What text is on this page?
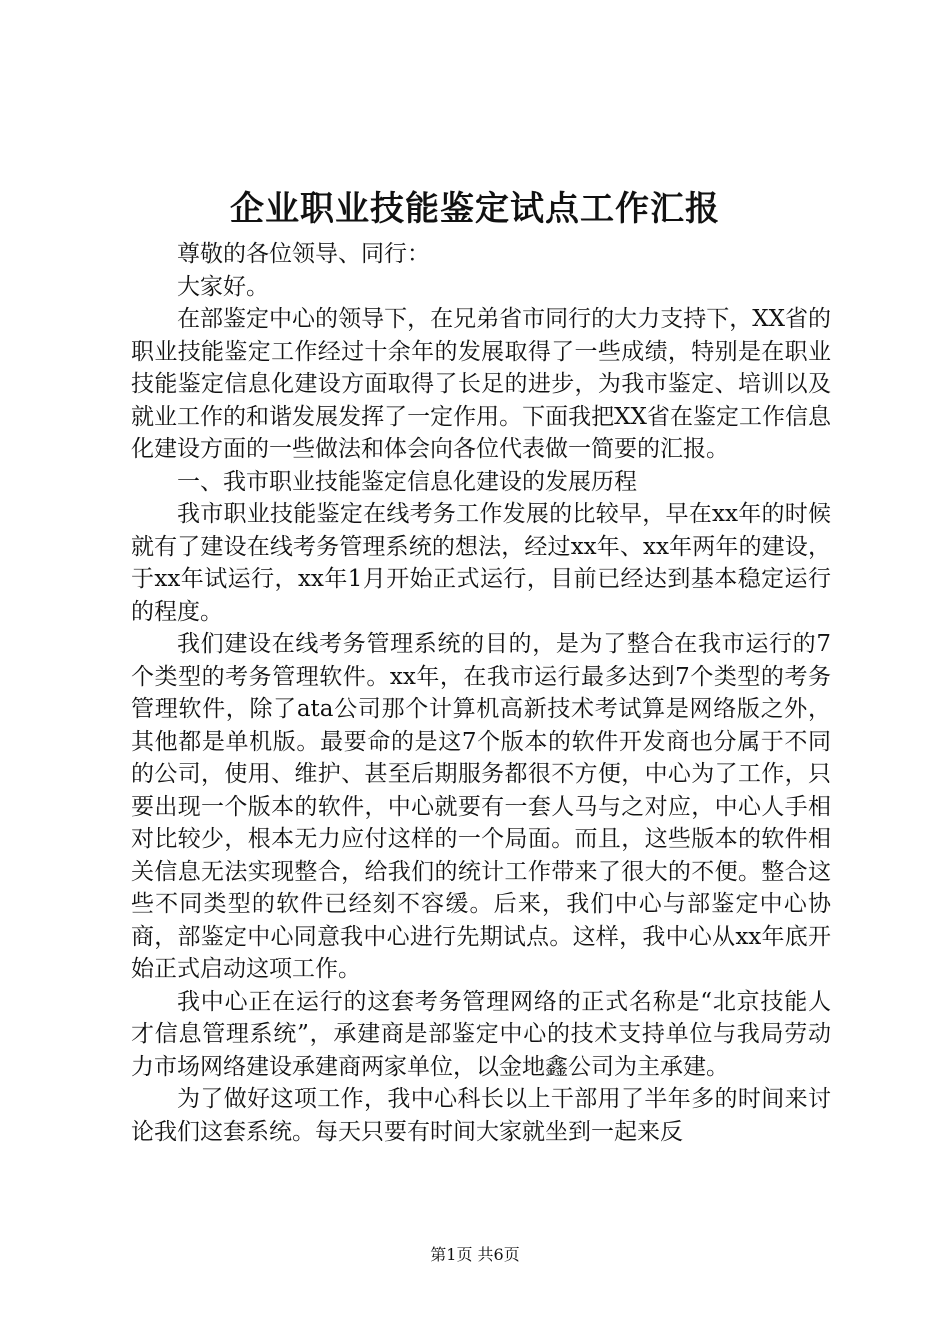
企业职业技能鉴定试点工作汇报

尊敬的各位领导、同行：

大家好。

在部鉴定中心的领导下，在兄弟省市同行的大力支持下，XX省的职业技能鉴定工作经过十余年的发展取得了一些成绩，特别是在职业技能鉴定信息化建设方面取得了长足的进步，为我市鉴定、培训以及就业工作的和谐发展发挥了一定作用。下面我把XX省在鉴定工作信息化建设方面的一些做法和体会向各位代表做一简要的汇报。

一、我市职业技能鉴定信息化建设的发展历程

我市职业技能鉴定在线考务工作发展的比较早，早在xx年的时候就有了建设在线考务管理系统的想法，经过xx年、xx年两年的建设，于xx年试运行，xx年1月开始正式运行，目前已经达到基本稳定运行的程度。

我们建设在线考务管理系统的目的，是为了整合在我市运行的7个类型的考务管理软件。xx年，在我市运行最多达到7个类型的考务管理软件，除了ata公司那个计算机高新技术考试算是网络版之外，其他都是单机版。最要命的是这7个版本的软件开发商也分属于不同的公司，使用、维护、甚至后期服务都很不方便，中心为了工作，只要出现一个版本的软件，中心就要有一套人马与之对应，中心人手相对比较少，根本无力应付这样的一个局面。而且，这些版本的软件相关信息无法实现整合，给我们的统计工作带来了很大的不便。整合这些不同类型的软件已经刻不容缓。后来，我们中心与部鉴定中心协商，部鉴定中心同意我中心进行先期试点。这样，我中心从xx年底开始正式启动这项工作。

我中心正在运行的这套考务管理网络的正式名称是“北京技能人才信息管理系统”，承建商是部鉴定中心的技术支持单位与我局劳动力市场网络建设承建商两家单位，以金地鑫公司为主承建。

为了做好这项工作，我中心科长以上干部用了半年多的时间来讨论我们这套系统。每天只要有时间大家就坐到一起来反

第1页 共6页
